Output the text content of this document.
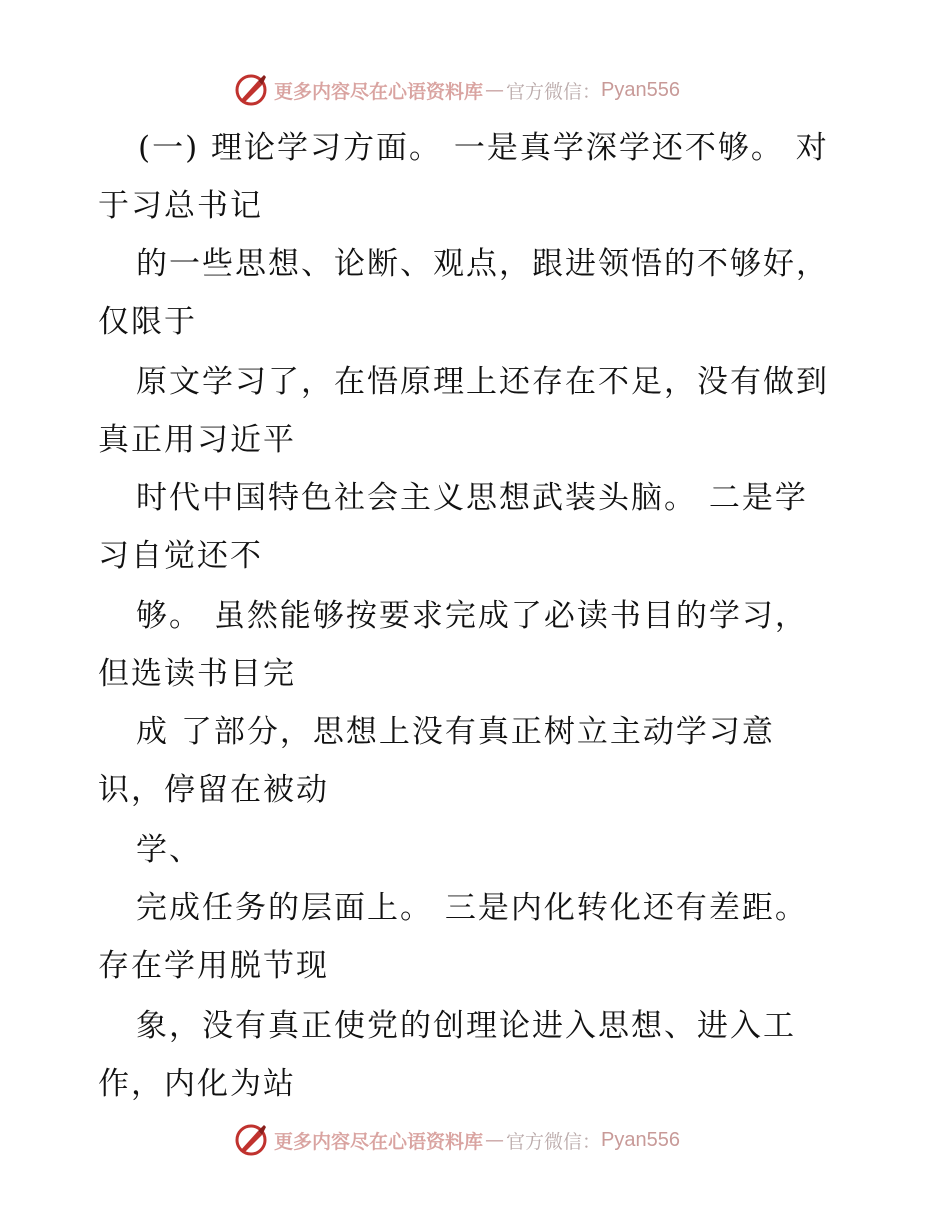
更多内容尽在心语资料库 — 官方微信： Pyan556
(一) 理论学习方面。 一是真学深学还不够。 对
于习总书记
的一些思想、论断、观点，跟进领悟的不够好，
仅限于
原文学习了，在悟原理上还存在不足，没有做到
真正用习近平
时代中国特色社会主义思想武装头脑。 二是学
习自觉还不
够。 虽然能够按要求完成了必读书目的学习，
但选读书目完
成 了部分，思想上没有真正树立主动学习意
识，停留在被动
学、
完成任务的层面上。 三是内化转化还有差距。
存在学用脱节现
象，没有真正使党的创理论进入思想、进入工
作，内化为站
更多内容尽在心语资料库 — 官方微信： Pyan556
